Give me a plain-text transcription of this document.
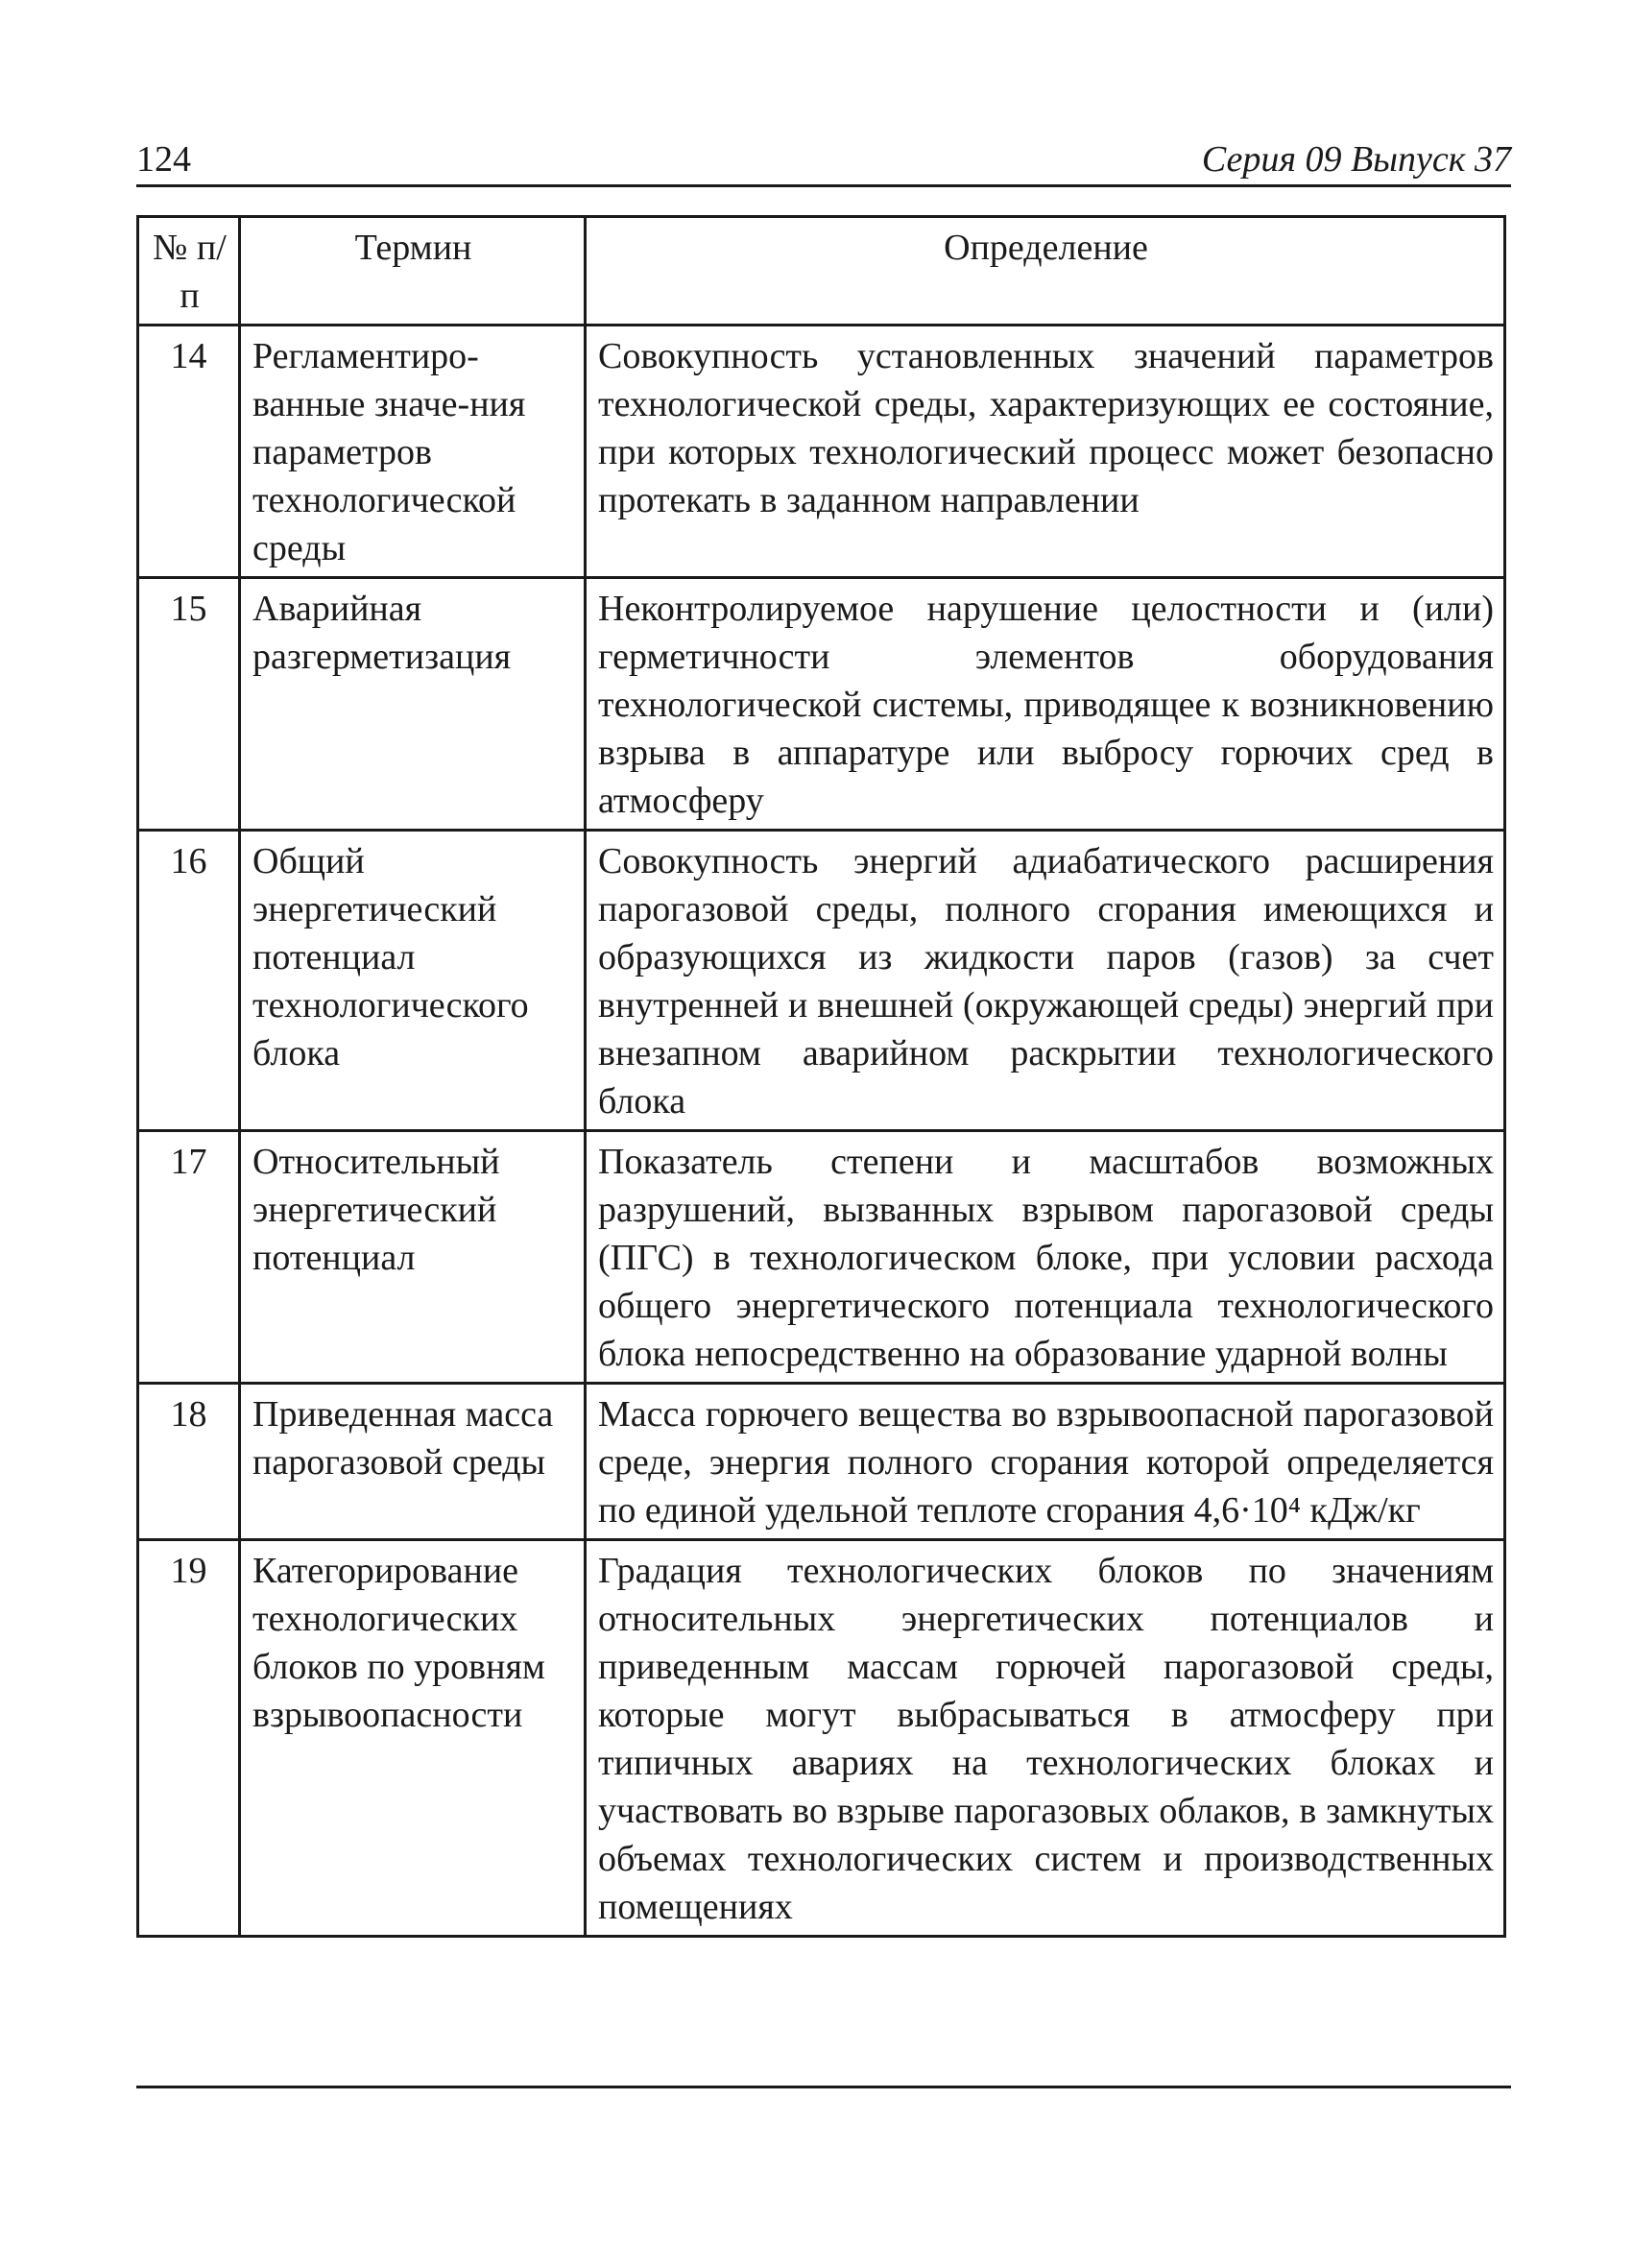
124	Серия 09 Выпуск 37
№ п/п	Термин	Определение
14	Регламентиро-ванные значе-ния параметров технологической среды	Совокупность установленных значений параметров технологической среды, характеризующих ее состояние, при которых технологический процесс может безопасно протекать в заданном направлении
15	Аварийная разгерметизация	Неконтролируемое нарушение целостности и (или) герметичности элементов оборудования технологической системы, приводящее к возникновению взрыва в аппаратуре или выбросу горючих сред в атмосферу
16	Общий энергетический потенциал технологического блока	Совокупность энергий адиабатического расширения парогазовой среды, полного сгорания имеющихся и образующихся из жидкости паров (газов) за счет внутренней и внешней (окружающей среды) энергий при внезапном аварийном раскрытии технологического блока
17	Относительный энергетический потенциал	Показатель степени и масштабов возможных разрушений, вызванных взрывом парогазовой среды (ПГС) в технологическом блоке, при условии расхода общего энергетического потенциала технологического блока непосредственно на образование ударной волны
18	Приведенная масса парогазовой среды	Масса горючего вещества во взрывоопасной парогазовой среде, энергия полного сгорания которой определяется по единой удельной теплоте сгорания 4,6·10⁴ кДж/кг
19	Категорирование технологических блоков по уровням взрывоопасности	Градация технологических блоков по значениям относительных энергетических потенциалов и приведенным массам горючей парогазовой среды, которые могут выбрасываться в атмосферу при типичных авариях на технологических блоках и участвовать во взрыве парогазовых облаков, в замкнутых объемах технологических систем и производственных помещениях
